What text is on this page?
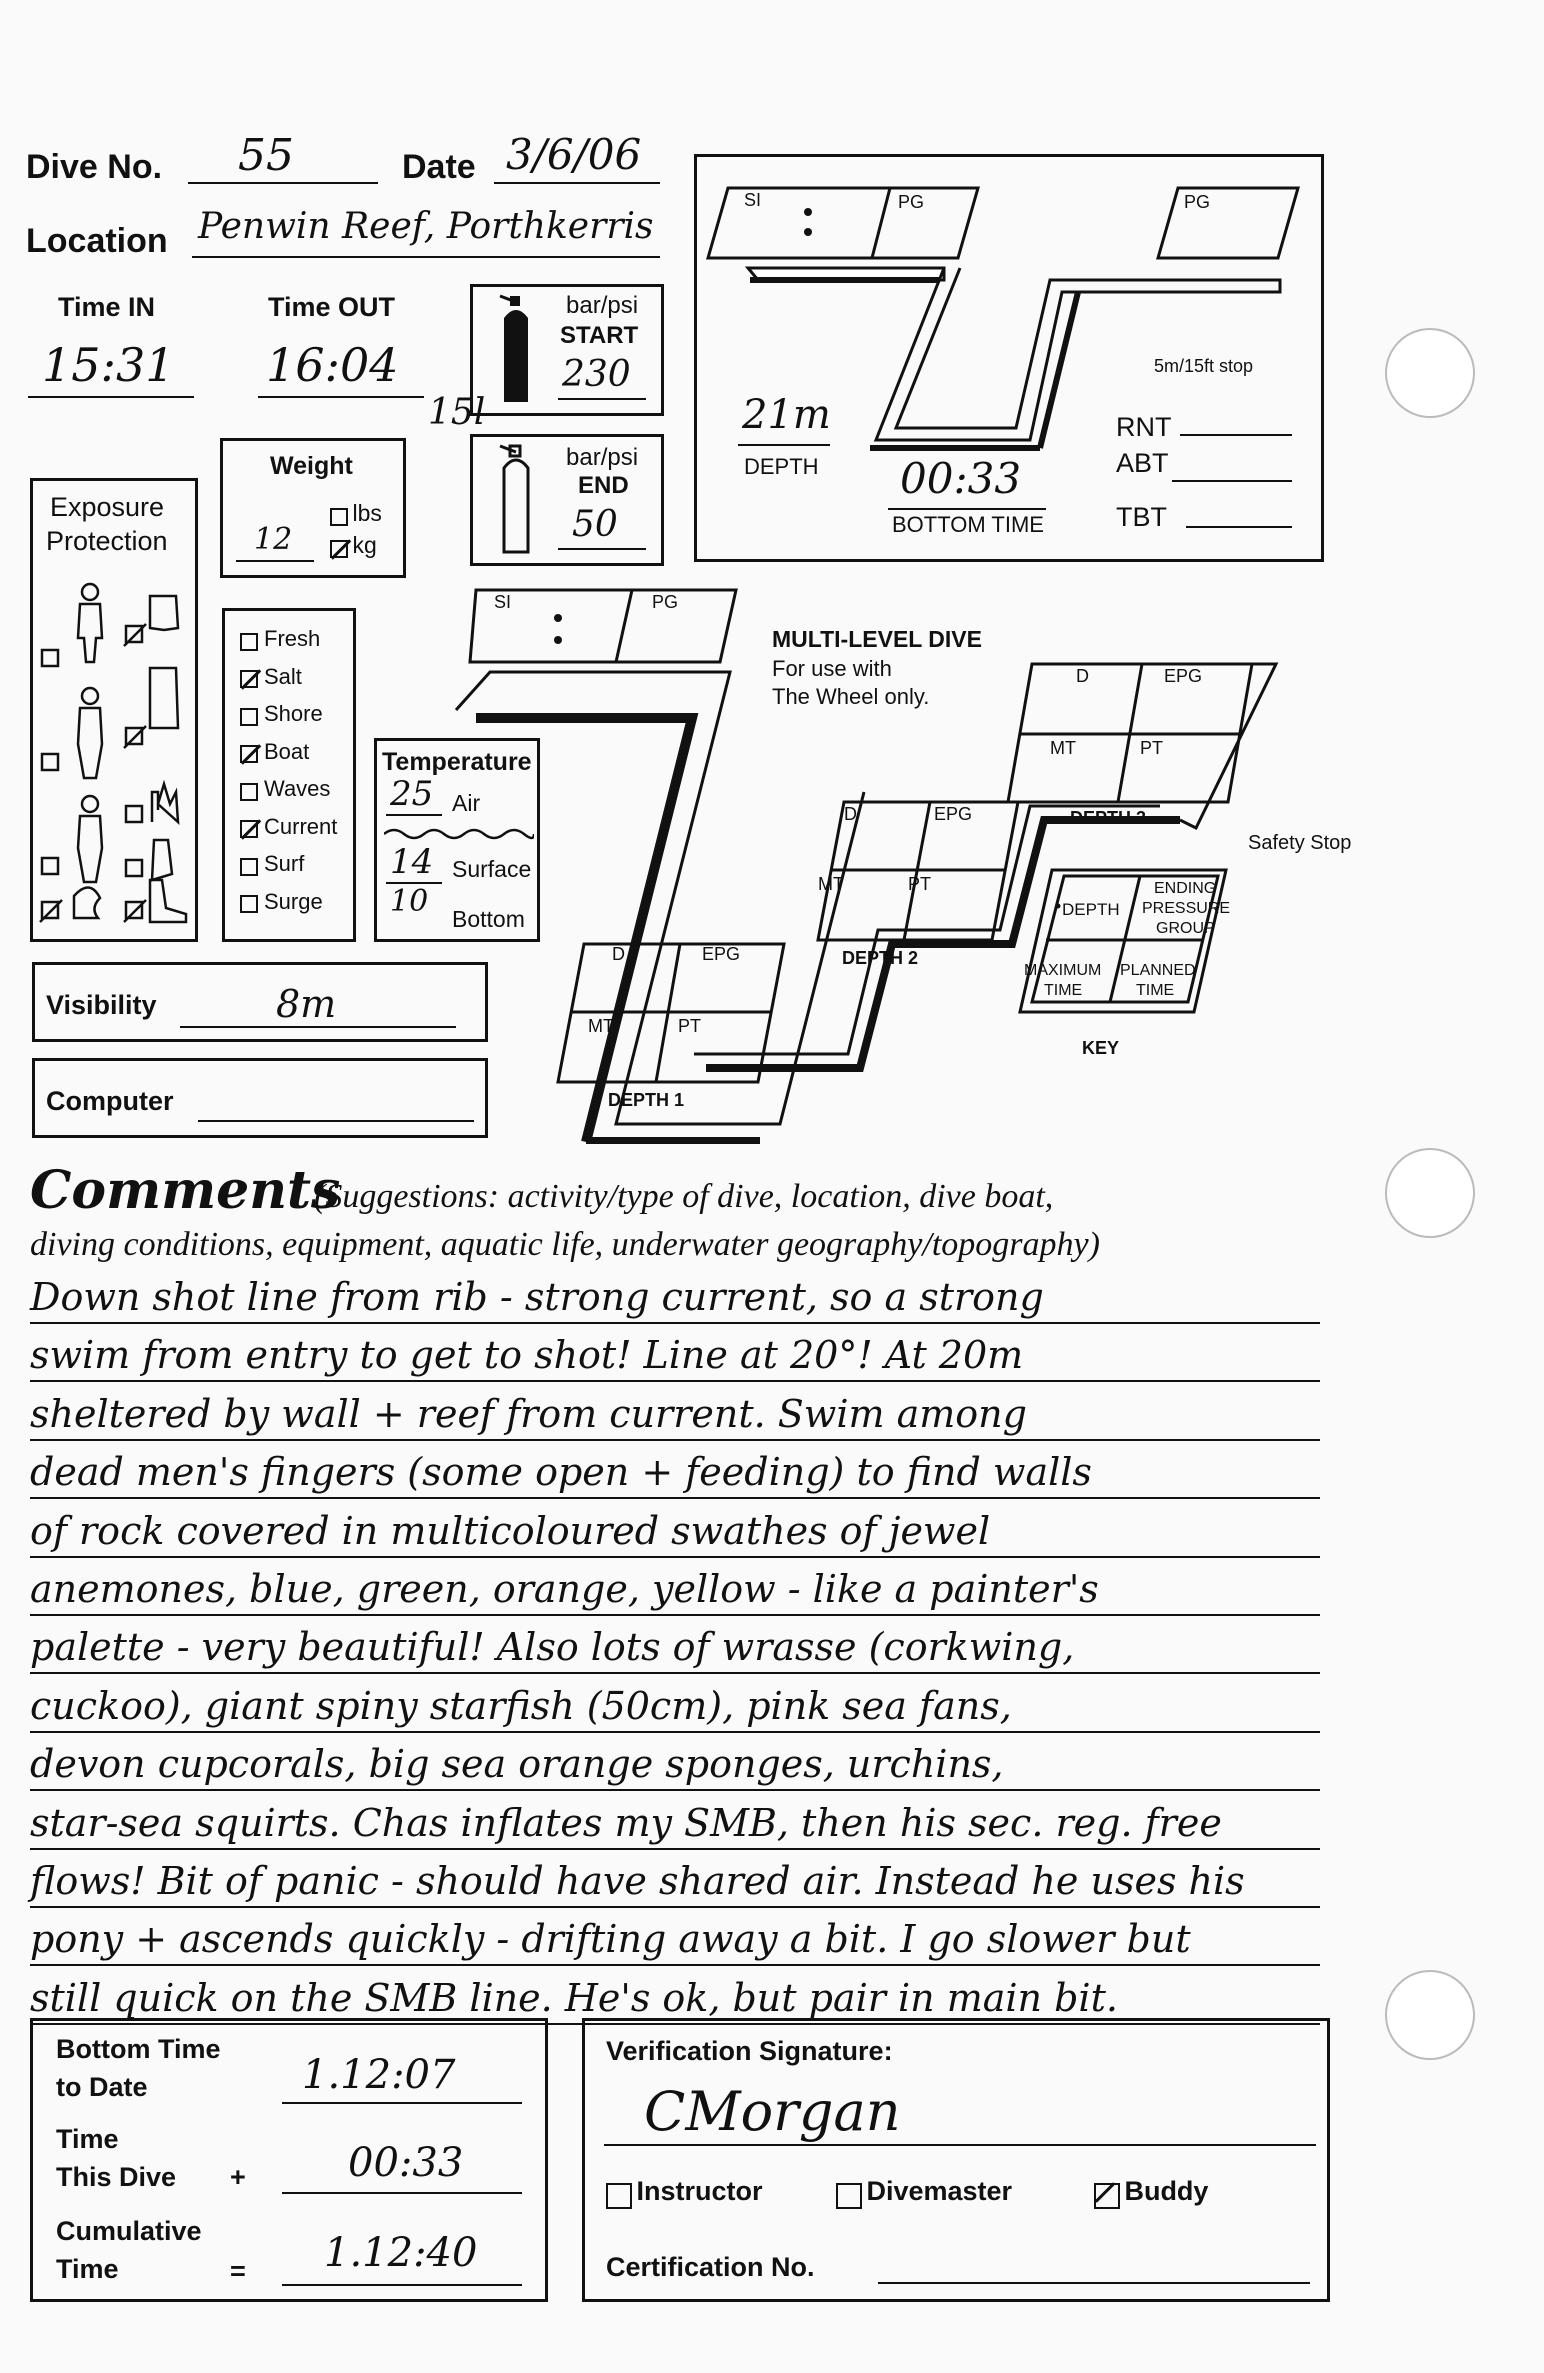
Dive No. 55	Date 3/6/06
Location Penwin Reef, Porthkerris
Time IN
15:31
Time OUT
16:04
15l
bar/psi
START
230
bar/psi
END
50
Weight
12
lbs
kg
Exposure
Protection
Fresh
Salt
Shore
Boat
Waves
Current
Surf
Surge
Temperature
25 Air
14 Surface
10 Bottom
Visibility	8m
Computer
SI	PG	PG
5m/15ft stop
21m
DEPTH 00:33
BOTTOM TIME
RNT
ABT
TBT
SI	PG
MULTI-LEVEL DIVE
For use with
The Wheel only.
D	EPG
MT	PT
DEPTH 3
Safety Stop
D	EPG
MT	PT
DEPTH 2
D	EPG
MT	PT
DEPTH 1
DEPTH
ENDING
PRESSURE
GROUP
MAXIMUM
TIME
PLANNED
TIME
KEY
Comments
(Suggestions: activity/type of dive, location, dive boat,
diving conditions, equipment, aquatic life, underwater geography/topography)
Down shot line from rib - strong current, so a strong
swim from entry to get to shot! Line at 20°! At 20m
sheltered by wall + reef from current. Swim among
dead men's fingers (some open + feeding) to find walls
of rock covered in multicoloured swathes of jewel
anemones, blue, green, orange, yellow - like a painter's
palette - very beautiful! Also lots of wrasse (corkwing,
cuckoo), giant spiny starfish (50cm), pink sea fans,
devon cupcorals, big sea orange sponges, urchins,
star-sea squirts. Chas inflates my SMB, then his sec. reg. free
flows! Bit of panic - should have shared air. Instead he uses his
pony + ascends quickly - drifting away a bit. I go slower but
still quick on the SMB line. He's ok, but pair in main bit.
Bottom Time
to Date	1.12:07
Time
This Dive +	00:33
Cumulative
Time	= 1.12:40
Verification Signature:
CMorgan
Instructor	Divemaster	Buddy
Certification No.
